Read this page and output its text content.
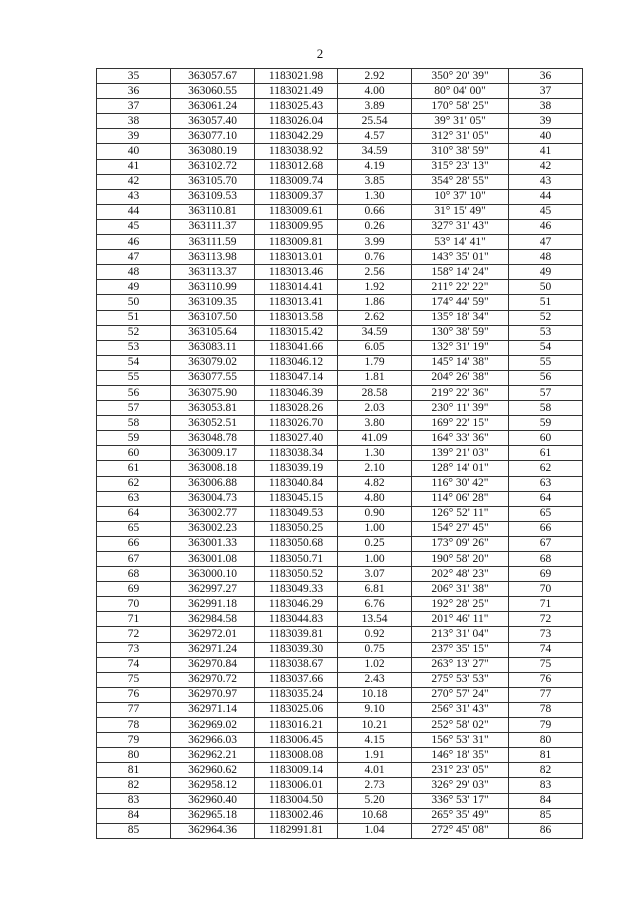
2
35	363057.67	1183021.98	2.92	350° 20' 39"	36
36	363060.55	1183021.49	4.00	80° 04' 00"	37
37	363061.24	1183025.43	3.89	170° 58' 25"	38
38	363057.40	1183026.04	25.54	39° 31' 05"	39
39	363077.10	1183042.29	4.57	312° 31' 05"	40
40	363080.19	1183038.92	34.59	310° 38' 59"	41
41	363102.72	1183012.68	4.19	315° 23' 13"	42
42	363105.70	1183009.74	3.85	354° 28' 55"	43
43	363109.53	1183009.37	1.30	10° 37' 10"	44
44	363110.81	1183009.61	0.66	31° 15' 49"	45
45	363111.37	1183009.95	0.26	327° 31' 43"	46
46	363111.59	1183009.81	3.99	53° 14' 41"	47
47	363113.98	1183013.01	0.76	143° 35' 01"	48
48	363113.37	1183013.46	2.56	158° 14' 24"	49
49	363110.99	1183014.41	1.92	211° 22' 22"	50
50	363109.35	1183013.41	1.86	174° 44' 59"	51
51	363107.50	1183013.58	2.62	135° 18' 34"	52
52	363105.64	1183015.42	34.59	130° 38' 59"	53
53	363083.11	1183041.66	6.05	132° 31' 19"	54
54	363079.02	1183046.12	1.79	145° 14' 38"	55
55	363077.55	1183047.14	1.81	204° 26' 38"	56
56	363075.90	1183046.39	28.58	219° 22' 36"	57
57	363053.81	1183028.26	2.03	230° 11' 39"	58
58	363052.51	1183026.70	3.80	169° 22' 15"	59
59	363048.78	1183027.40	41.09	164° 33' 36"	60
60	363009.17	1183038.34	1.30	139° 21' 03"	61
61	363008.18	1183039.19	2.10	128° 14' 01"	62
62	363006.88	1183040.84	4.82	116° 30' 42"	63
63	363004.73	1183045.15	4.80	114° 06' 28"	64
64	363002.77	1183049.53	0.90	126° 52' 11"	65
65	363002.23	1183050.25	1.00	154° 27' 45"	66
66	363001.33	1183050.68	0.25	173° 09' 26"	67
67	363001.08	1183050.71	1.00	190° 58' 20"	68
68	363000.10	1183050.52	3.07	202° 48' 23"	69
69	362997.27	1183049.33	6.81	206° 31' 38"	70
70	362991.18	1183046.29	6.76	192° 28' 25"	71
71	362984.58	1183044.83	13.54	201° 46' 11"	72
72	362972.01	1183039.81	0.92	213° 31' 04"	73
73	362971.24	1183039.30	0.75	237° 35' 15"	74
74	362970.84	1183038.67	1.02	263° 13' 27"	75
75	362970.72	1183037.66	2.43	275° 53' 53"	76
76	362970.97	1183035.24	10.18	270° 57' 24"	77
77	362971.14	1183025.06	9.10	256° 31' 43"	78
78	362969.02	1183016.21	10.21	252° 58' 02"	79
79	362966.03	1183006.45	4.15	156° 53' 31"	80
80	362962.21	1183008.08	1.91	146° 18' 35"	81
81	362960.62	1183009.14	4.01	231° 23' 05"	82
82	362958.12	1183006.01	2.73	326° 29' 03"	83
83	362960.40	1183004.50	5.20	336° 53' 17"	84
84	362965.18	1183002.46	10.68	265° 35' 49"	85
85	362964.36	1182991.81	1.04	272° 45' 08"	86
